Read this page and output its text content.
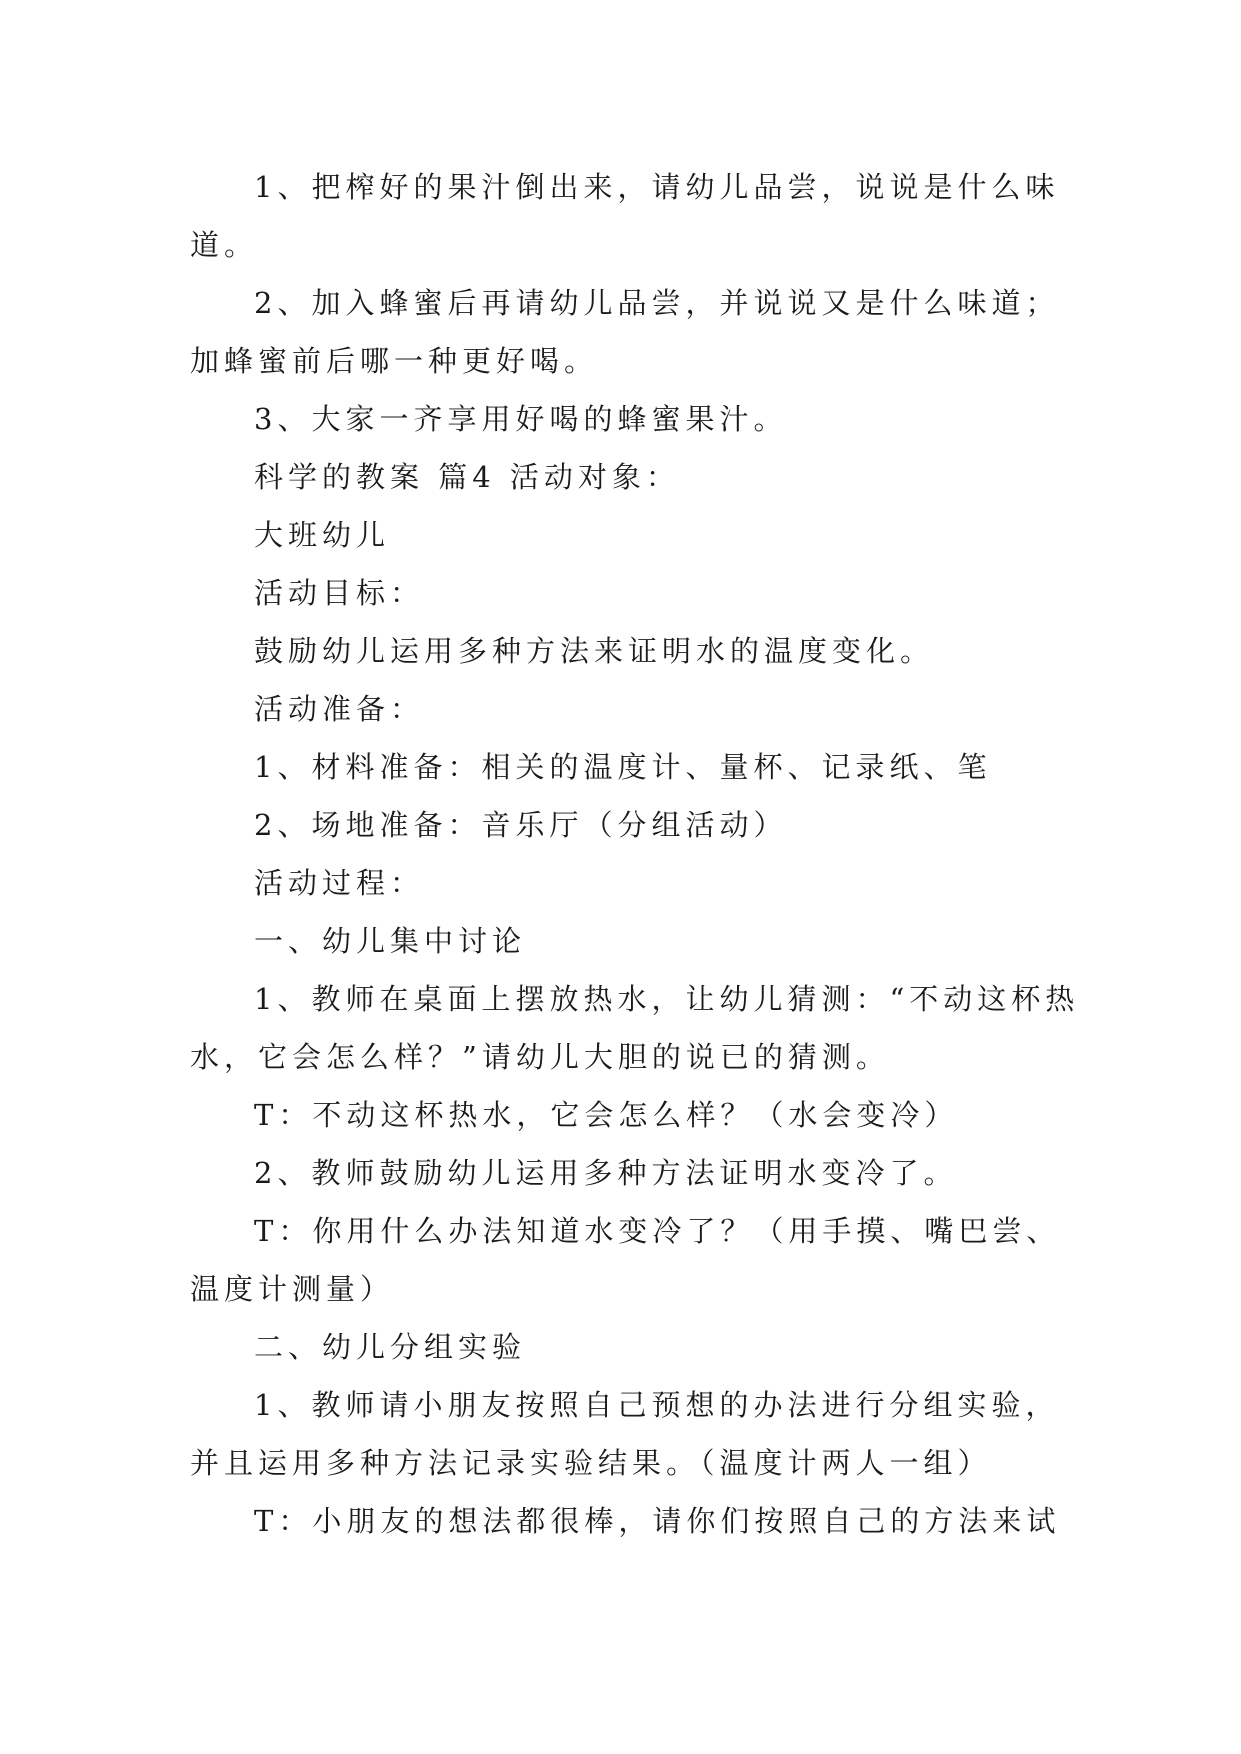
1、把榨好的果汁倒出来，请幼儿品尝，说说是什么味
道。
2、加入蜂蜜后再请幼儿品尝，并说说又是什么味道；
加蜂蜜前后哪一种更好喝。
3、大家一齐享用好喝的蜂蜜果汁。
科学的教案 篇4 活动对象：
大班幼儿
活动目标：
鼓励幼儿运用多种方法来证明水的温度变化。
活动准备：
1、材料准备：相关的温度计、量杯、记录纸、笔
2、场地准备：音乐厅（分组活动）
活动过程：
一、幼儿集中讨论
1、教师在桌面上摆放热水，让幼儿猜测：“不动这杯热
水，它会怎么样？”请幼儿大胆的说已的猜测。
T：不动这杯热水，它会怎么样？（水会变冷）
2、教师鼓励幼儿运用多种方法证明水变冷了。
T：你用什么办法知道水变冷了？（用手摸、嘴巴尝、
温度计测量）
二、幼儿分组实验
1、教师请小朋友按照自己预想的办法进行分组实验，
并且运用多种方法记录实验结果。（温度计两人一组）
T：小朋友的想法都很棒，请你们按照自己的方法来试
